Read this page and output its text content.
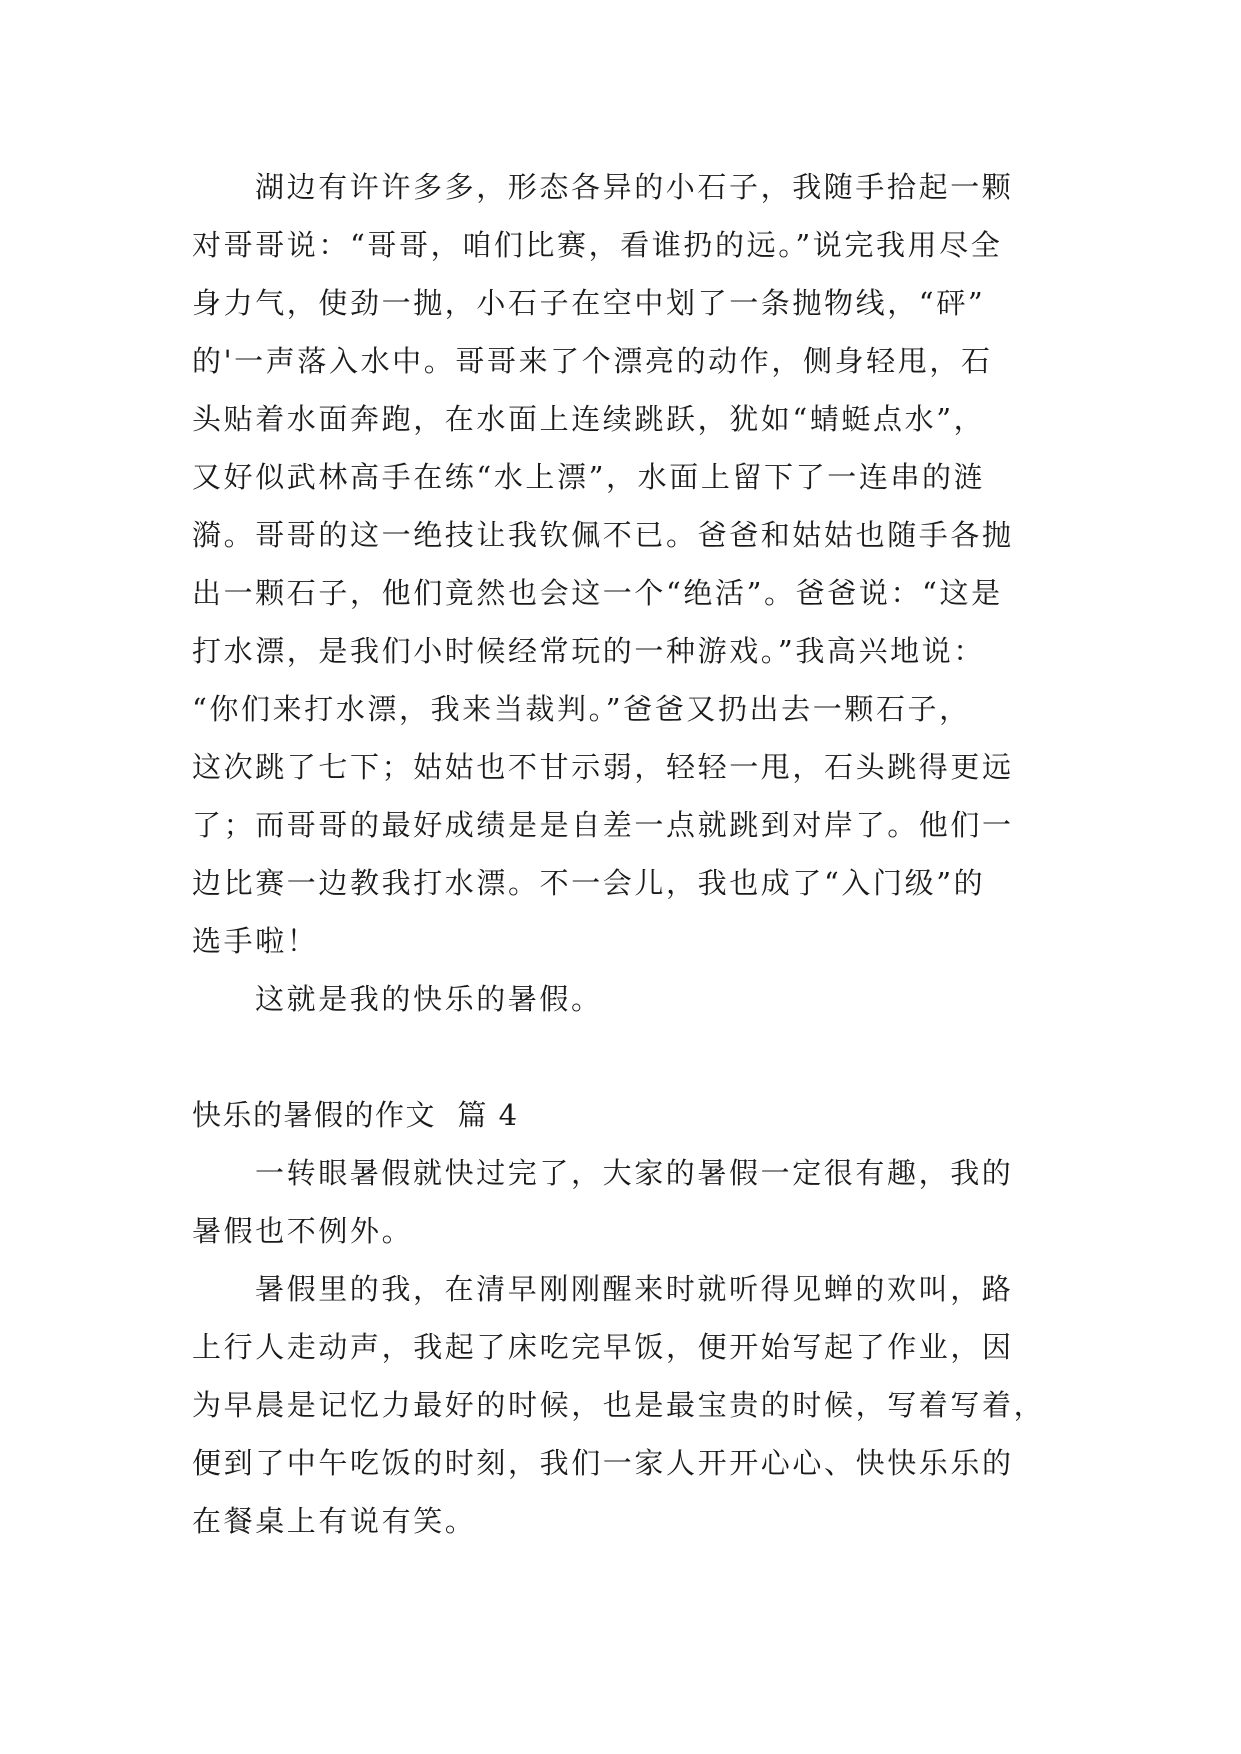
湖边有许许多多，形态各异的小石子，我随手拾起一颗
对哥哥说：“哥哥，咱们比赛，看谁扔的远。”说完我用尽全
身力气，使劲一抛，小石子在空中划了一条抛物线，“砰”
的'一声落入水中。哥哥来了个漂亮的动作，侧身轻甩，石
头贴着水面奔跑，在水面上连续跳跃，犹如“蜻蜓点水”，
又好似武林高手在练“水上漂”，水面上留下了一连串的涟
漪。哥哥的这一绝技让我钦佩不已。爸爸和姑姑也随手各抛
出一颗石子，他们竟然也会这一个“绝活”。爸爸说：“这是
打水漂，是我们小时候经常玩的一种游戏。”我高兴地说：
“你们来打水漂，我来当裁判。”爸爸又扔出去一颗石子，
这次跳了七下；姑姑也不甘示弱，轻轻一甩，石头跳得更远
了；而哥哥的最好成绩是是自差一点就跳到对岸了。他们一
边比赛一边教我打水漂。不一会儿，我也成了“入门级”的
选手啦！
这就是我的快乐的暑假。
快乐的暑假的作文  篇 4
一转眼暑假就快过完了，大家的暑假一定很有趣，我的
暑假也不例外。
暑假里的我，在清早刚刚醒来时就听得见蝉的欢叫，路
上行人走动声，我起了床吃完早饭，便开始写起了作业，因
为早晨是记忆力最好的时候，也是最宝贵的时候，写着写着，
便到了中午吃饭的时刻，我们一家人开开心心、快快乐乐的
在餐桌上有说有笑。
